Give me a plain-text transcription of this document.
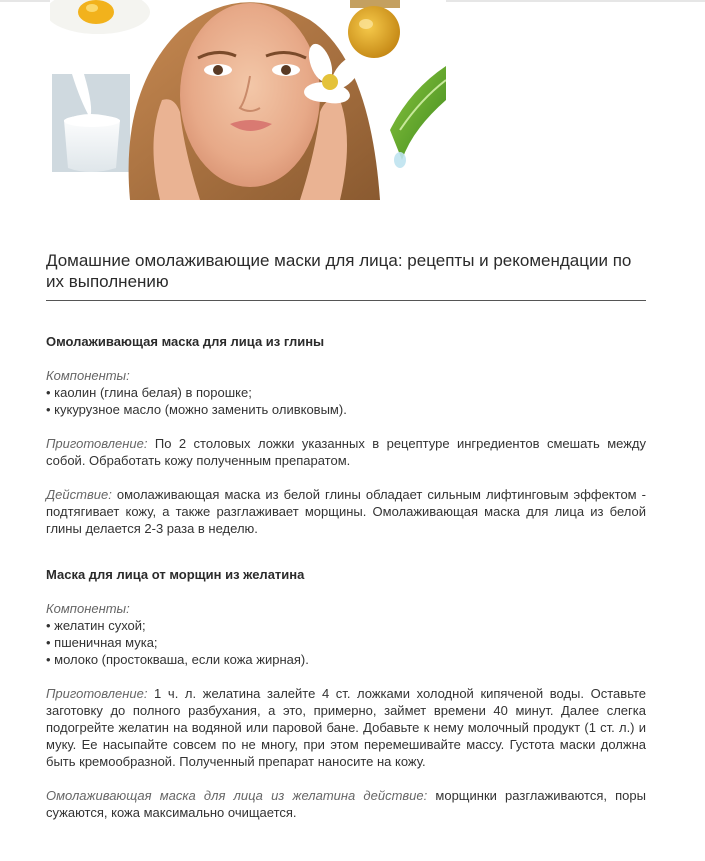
Домашние омолаживающие маски для лица: рецепты и рекомендации по их выполнению
Омолаживающая маска для лица из глины

Компоненты:

• каолин (глина белая) в порошке;

• кукурузное масло (можно заменить оливковым).

Приготовление: По 2 столовых ложки указанных в рецептуре ингредиентов смешать между собой. Обработать кожу полученным препаратом.

Действие: омолаживающая маска из белой глины обладает сильным лифтинговым эффектом - подтягивает кожу, а также разглаживает морщины. Омолаживающая маска для лица из белой глины делается 2-3 раза в неделю.

Маска для лица от морщин из желатина

Компоненты:

• желатин сухой;

• пшеничная мука;

• молоко (простокваша, если кожа жирная).

Приготовление: 1 ч. л. желатина залейте 4 ст. ложками холодной кипяченой воды. Оставьте заготовку до полного разбухания, а это, примерно, займет времени 40 минут. Далее слегка подогрейте желатин на водяной или паровой бане. Добавьте к нему молочный продукт (1 ст. л.) и муку. Ее насыпайте совсем по не многу, при этом перемешивайте массу. Густота маски должна быть кремообразной. Полученный препарат наносите на кожу.

Омолаживающая маска для лица из желатина действие: морщинки разглаживаются, поры сужаются, кожа максимально очищается.
